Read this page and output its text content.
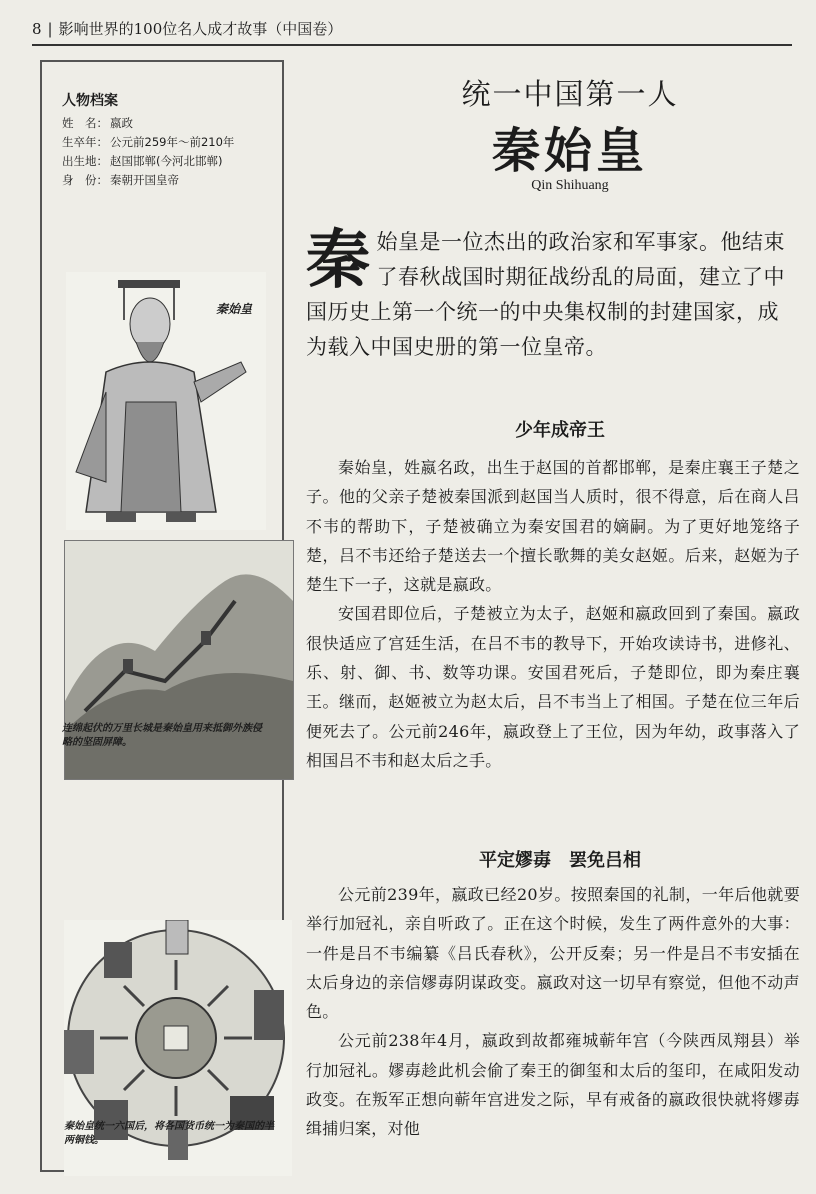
8 | 影响世界的100位名人成才故事（中国卷）
人物档案
姓　名： 嬴政
生卒年： 公元前259年～前210年
出生地： 赵国邯郸(今河北邯郸)
身　份： 秦朝开国皇帝
秦始皇
连绵起伏的万里长城是秦始皇用来抵御外族侵略的坚固屏障。
秦始皇统一六国后，将各国货币统一为秦国的半两铜钱。
统一中国第一人
秦始皇
Qin Shihuang
秦始皇是一位杰出的政治家和军事家。他结束了春秋战国时期征战纷乱的局面，建立了中国历史上第一个统一的中央集权制的封建国家，成为载入中国史册的第一位皇帝。
少年成帝王

秦始皇，姓嬴名政，出生于赵国的首都邯郸，是秦庄襄王子楚之子。他的父亲子楚被秦国派到赵国当人质时，很不得意，后在商人吕不韦的帮助下，子楚被确立为秦安国君的嫡嗣。为了更好地笼络子楚，吕不韦还给子楚送去一个擅长歌舞的美女赵姬。后来，赵姬为子楚生下一子，这就是嬴政。

安国君即位后，子楚被立为太子，赵姬和嬴政回到了秦国。嬴政很快适应了宫廷生活，在吕不韦的教导下，开始攻读诗书，进修礼、乐、射、御、书、数等功课。安国君死后，子楚即位，即为秦庄襄王。继而，赵姬被立为赵太后，吕不韦当上了相国。子楚在位三年后便死去了。公元前246年，嬴政登上了王位，因为年幼，政事落入了相国吕不韦和赵太后之手。

平定嫪毐　罢免吕相

公元前239年，嬴政已经20岁。按照秦国的礼制，一年后他就要举行加冠礼，亲自听政了。正在这个时候，发生了两件意外的大事：一件是吕不韦编纂《吕氏春秋》，公开反秦；另一件是吕不韦安插在太后身边的亲信嫪毐阴谋政变。嬴政对这一切早有察觉，但他不动声色。

公元前238年4月，嬴政到故都雍城蕲年宫（今陕西凤翔县）举行加冠礼。嫪毐趁此机会偷了秦王的御玺和太后的玺印，在咸阳发动政变。在叛军正想向蕲年宫进发之际，早有戒备的嬴政很快就将嫪毐缉捕归案，对他
